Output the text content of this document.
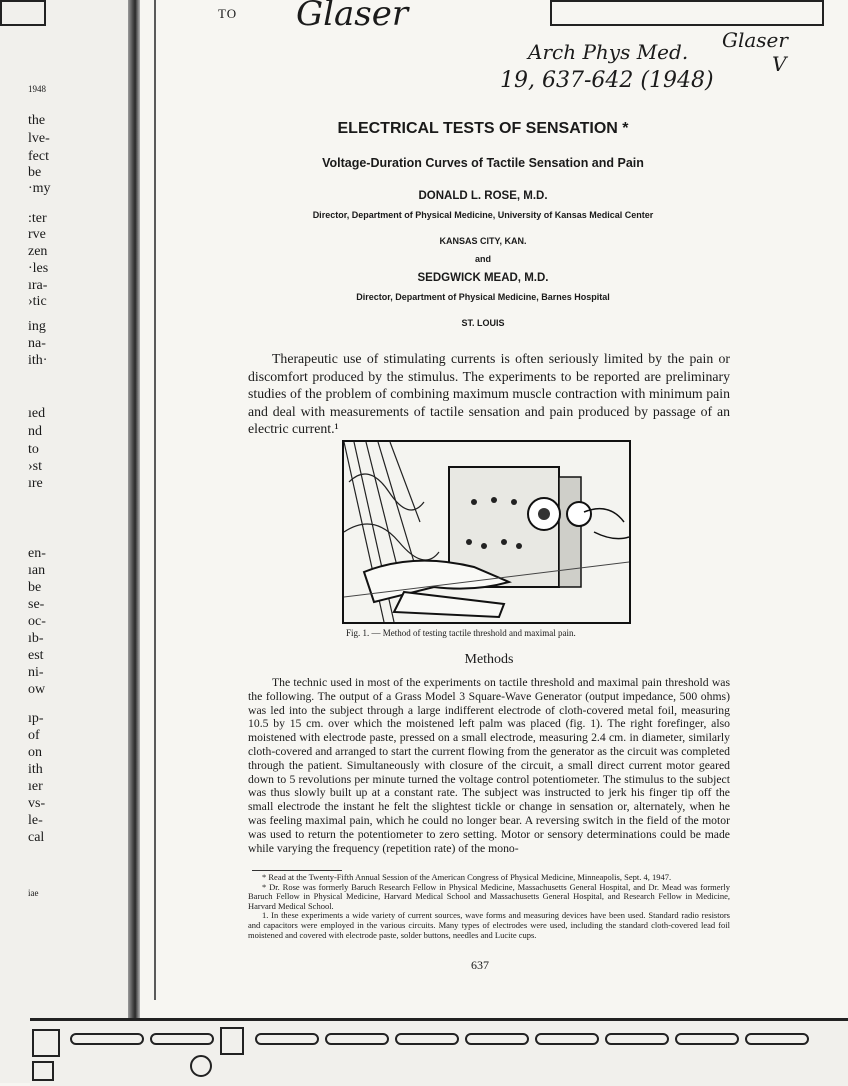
1948
the
lve-
fect
be
·my
:ter
rve
zen
·les
ıra-
›tic
ing
na-
ith·
ıed
nd
to
›st
ıre
en-
ıan
be
se-
oc-
ıb-
est
ni-
ow
ıp-
of
on
ith
ıer
vs-
le-
cal
iae
TO Glaser
Arch Phys Med.
19, 637-642 (1948)
Glaser
V
ELECTRICAL TESTS OF SENSATION *
Voltage-Duration Curves of Tactile Sensation and Pain
DONALD L. ROSE, M.D.
Director, Department of Physical Medicine, University of Kansas Medical Center
KANSAS CITY, KAN.
and
SEDGWICK MEAD, M.D.
Director, Department of Physical Medicine, Barnes Hospital
ST. LOUIS
Therapeutic use of stimulating currents is often seriously limited by the pain or discomfort produced by the stimulus. The experiments to be reported are preliminary studies of the problem of combining maximum muscle contraction with minimum pain and deal with measurements of tactile sensation and pain produced by passage of an electric current.¹
Fig. 1. — Method of testing tactile threshold and maximal pain.
Methods
The technic used in most of the experiments on tactile threshold and maximal pain threshold was the following. The output of a Grass Model 3 Square-Wave Generator (output impedance, 500 ohms) was led into the subject through a large indifferent electrode of cloth-covered metal foil, measuring 10.5 by 15 cm. over which the moistened left palm was placed (fig. 1). The right forefinger, also moistened with electrode paste, pressed on a small electrode, measuring 2.4 cm. in diameter, similarly cloth-covered and arranged to start the current flowing from the generator as the circuit was completed through the patient. Simultaneously with closure of the circuit, a small direct current motor geared down to 5 revolutions per minute turned the voltage control potentiometer. The stimulus to the subject was thus slowly built up at a constant rate. The subject was instructed to jerk his finger tip off the small electrode the instant he felt the slightest tickle or change in sensation or, alternately, when he was feeling maximal pain, which he could no longer bear. A reversing switch in the field of the motor was used to return the potentiometer to zero setting. Motor or sensory determinations could be made while varying the frequency (repetition rate) of the mono-

* Read at the Twenty-Fifth Annual Session of the American Congress of Physical Medicine, Minneapolis, Sept. 4, 1947.

* Dr. Rose was formerly Baruch Research Fellow in Physical Medicine, Massachusetts General Hospital, and Dr. Mead was formerly Baruch Fellow in Physical Medicine, Harvard Medical School and Massachusetts General Hospital, and Research Fellow in Medicine, Harvard Medical School.

1. In these experiments a wide variety of current sources, wave forms and measuring devices have been used. Standard radio resistors and capacitors were employed in the various circuits. Many types of electrodes were used, including the standard cloth-covered lead foil moistened and covered with electrode paste, solder buttons, needles and Lucite cups.

637
